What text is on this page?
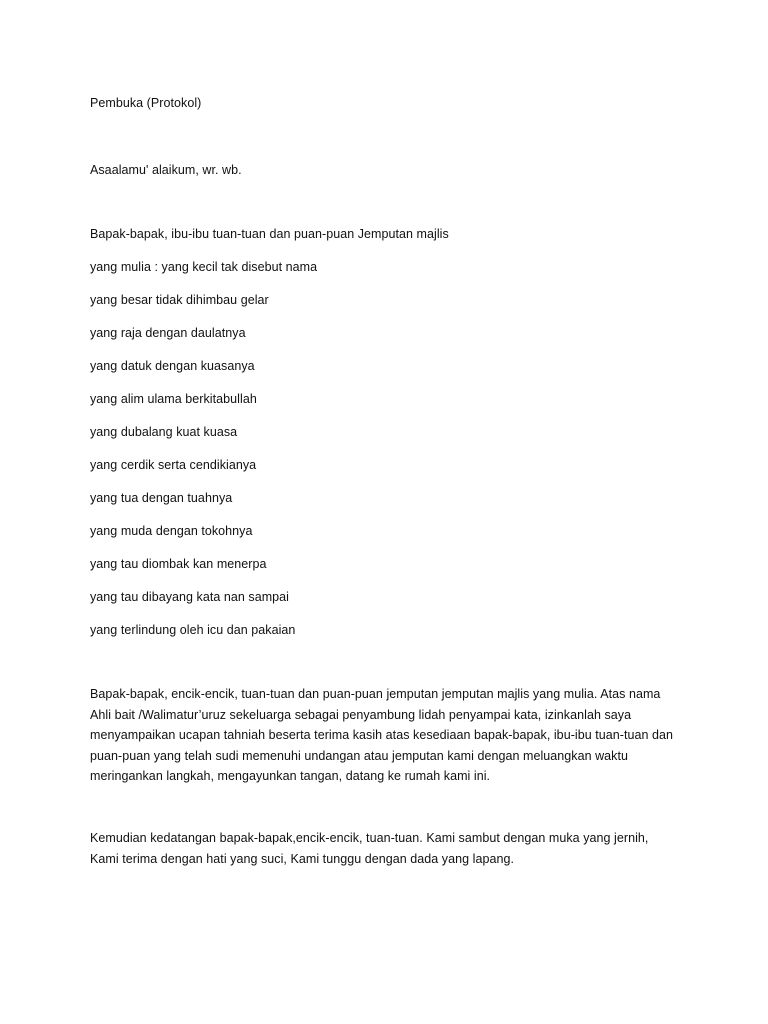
Pembuka (Protokol)
Asaalamu' alaikum, wr. wb.
Bapak-bapak, ibu-ibu tuan-tuan dan puan-puan Jemputan majlis
yang mulia : yang kecil tak disebut nama
yang besar tidak dihimbau gelar
yang raja dengan daulatnya
yang datuk dengan kuasanya
yang alim ulama berkitabullah
yang dubalang kuat kuasa
yang cerdik serta cendikianya
yang tua dengan tuahnya
yang muda dengan tokohnya
yang tau diombak kan menerpa
yang tau dibayang kata nan sampai
yang terlindung oleh icu dan pakaian
Bapak-bapak, encik-encik, tuan-tuan dan puan-puan jemputan jemputan majlis yang mulia. Atas nama
Ahli bait /Walimatur’uruz sekeluarga sebagai penyambung lidah penyampai kata, izinkanlah saya
menyampaikan ucapan tahniah beserta terima kasih atas kesediaan bapak-bapak, ibu-ibu tuan-tuan dan
puan-puan yang telah sudi memenuhi undangan atau jemputan kami dengan meluangkan waktu
meringankan langkah, mengayunkan tangan, datang ke rumah kami ini.
Kemudian kedatangan bapak-bapak,encik-encik, tuan-tuan. Kami sambut dengan muka yang jernih,
Kami terima dengan hati yang suci, Kami tunggu dengan dada yang lapang.
